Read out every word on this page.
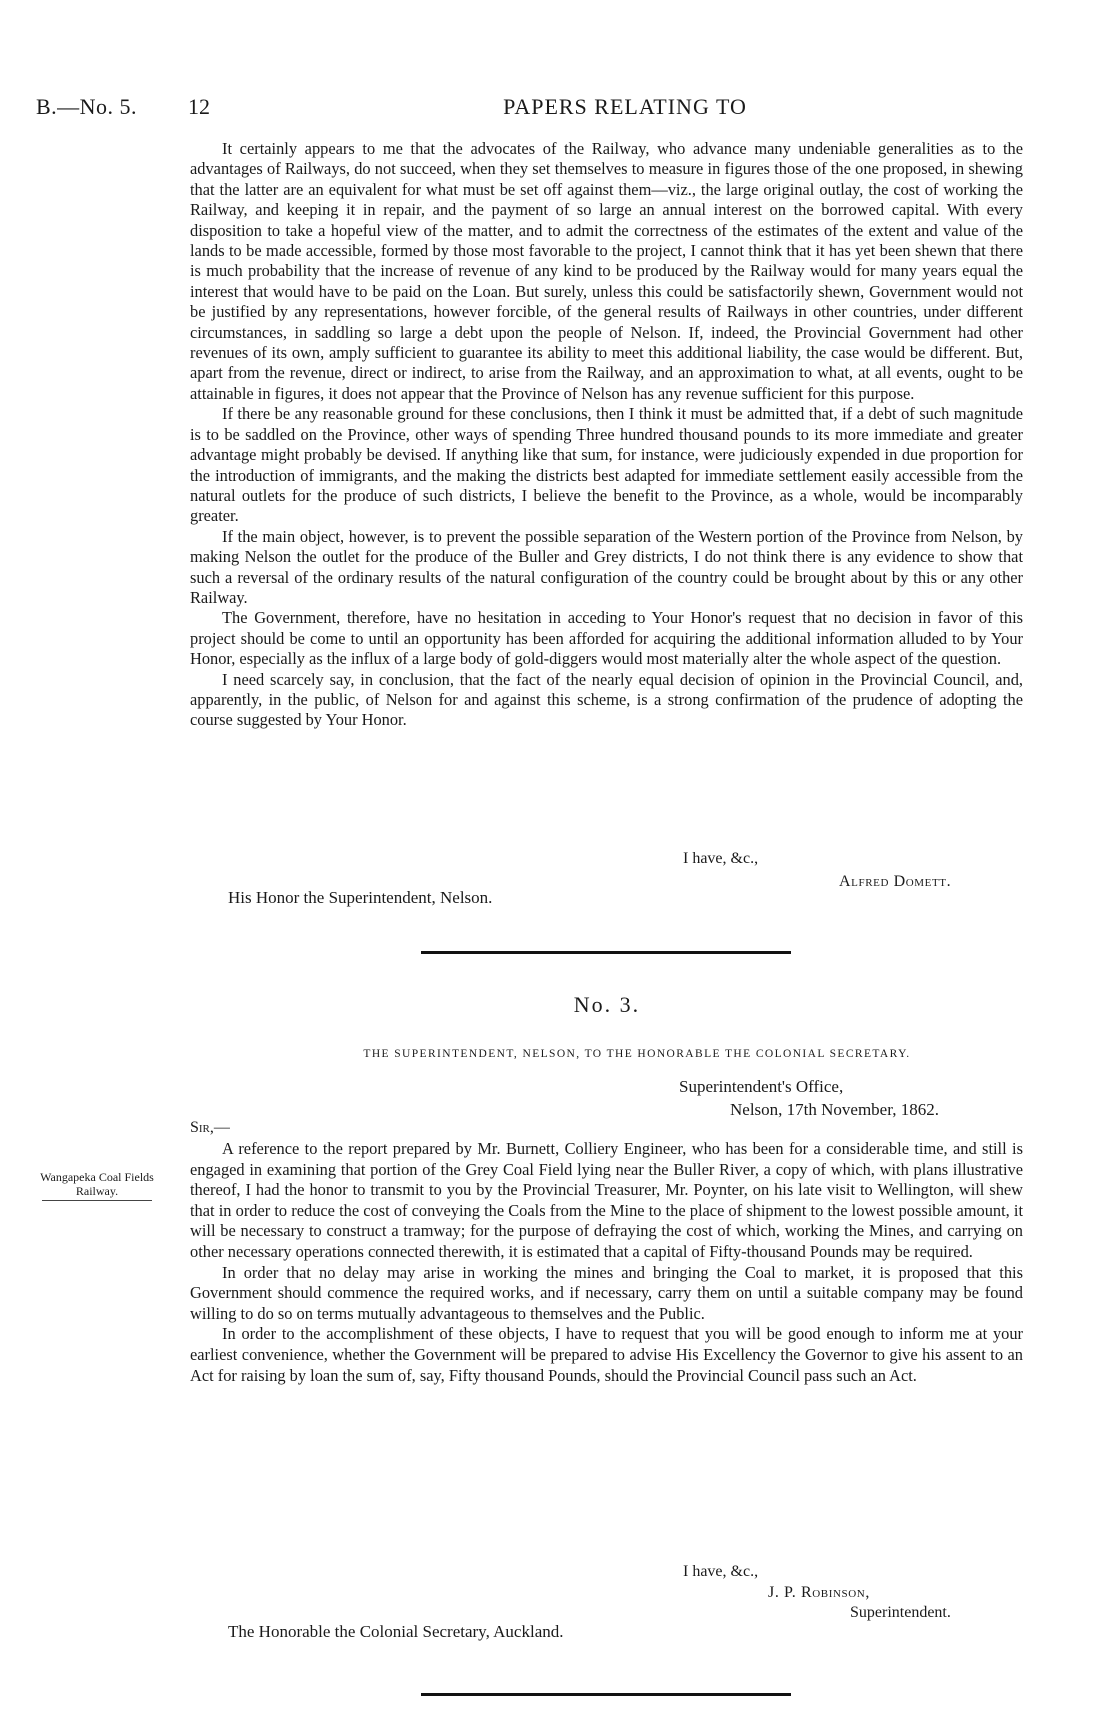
B.—No. 5. 12	PAPERS RELATING TO

It certainly appears to me that the advocates of the Railway, who advance many undeniable generalities as to the advantages of Railways, do not succeed, when they set themselves to measure in figures those of the one proposed, in shewing that the latter are an equivalent for what must be set off against them—viz., the large original outlay, the cost of working the Railway, and keeping it in repair, and the payment of so large an annual interest on the borrowed capital. With every disposition to take a hopeful view of the matter, and to admit the correctness of the estimates of the extent and value of the lands to be made accessible, formed by those most favorable to the project, I cannot think that it has yet been shewn that there is much probability that the increase of revenue of any kind to be produced by the Railway would for many years equal the interest that would have to be paid on the Loan. But surely, unless this could be satisfactorily shewn, Government would not be justified by any representations, however forcible, of the general results of Railways in other countries, under different circumstances, in saddling so large a debt upon the people of Nelson. If, indeed, the Provincial Government had other revenues of its own, amply sufficient to guarantee its ability to meet this additional liability, the case would be different. But, apart from the revenue, direct or indirect, to arise from the Railway, and an approximation to what, at all events, ought to be attainable in figures, it does not appear that the Province of Nelson has any revenue sufficient for this purpose.

If there be any reasonable ground for these conclusions, then I think it must be admitted that, if a debt of such magnitude is to be saddled on the Province, other ways of spending Three hundred thousand pounds to its more immediate and greater advantage might probably be devised. If anything like that sum, for instance, were judiciously expended in due proportion for the introduction of immigrants, and the making the districts best adapted for immediate settlement easily accessible from the natural outlets for the produce of such districts, I believe the benefit to the Province, as a whole, would be incomparably greater.

If the main object, however, is to prevent the possible separation of the Western portion of the Province from Nelson, by making Nelson the outlet for the produce of the Buller and Grey districts, I do not think there is any evidence to show that such a reversal of the ordinary results of the natural configuration of the country could be brought about by this or any other Railway.

The Government, therefore, have no hesitation in acceding to Your Honor's request that no decision in favor of this project should be come to until an opportunity has been afforded for acquiring the additional information alluded to by Your Honor, especially as the influx of a large body of gold-diggers would most materially alter the whole aspect of the question.

I need scarcely say, in conclusion, that the fact of the nearly equal decision of opinion in the Provincial Council, and, apparently, in the public, of Nelson for and against this scheme, is a strong confirmation of the prudence of adopting the course suggested by Your Honor.

I have, &c.,
Alfred Domett.
His Honor the Superintendent, Nelson.
No. 3.
THE SUPERINTENDENT, NELSON, TO THE HONORABLE THE COLONIAL SECRETARY.
Superintendent's Office,
Nelson, 17th November, 1862.
Sir,—
Wangapeka Coal Fields Railway.

A reference to the report prepared by Mr. Burnett, Colliery Engineer, who has been for a considerable time, and still is engaged in examining that portion of the Grey Coal Field lying near the Buller River, a copy of which, with plans illustrative thereof, I had the honor to transmit to you by the Provincial Treasurer, Mr. Poynter, on his late visit to Wellington, will shew that in order to reduce the cost of conveying the Coals from the Mine to the place of shipment to the lowest possible amount, it will be necessary to construct a tramway; for the purpose of defraying the cost of which, working the Mines, and carrying on other necessary operations connected therewith, it is estimated that a capital of Fifty-thousand Pounds may be required.

In order that no delay may arise in working the mines and bringing the Coal to market, it is proposed that this Government should commence the required works, and if necessary, carry them on until a suitable company may be found willing to do so on terms mutually advantageous to themselves and the Public.

In order to the accomplishment of these objects, I have to request that you will be good enough to inform me at your earliest convenience, whether the Government will be prepared to advise His Excellency the Governor to give his assent to an Act for raising by loan the sum of, say, Fifty thousand Pounds, should the Provincial Council pass such an Act.

I have, &c.,
J. P. Robinson,
Superintendent.
The Honorable the Colonial Secretary, Auckland.
